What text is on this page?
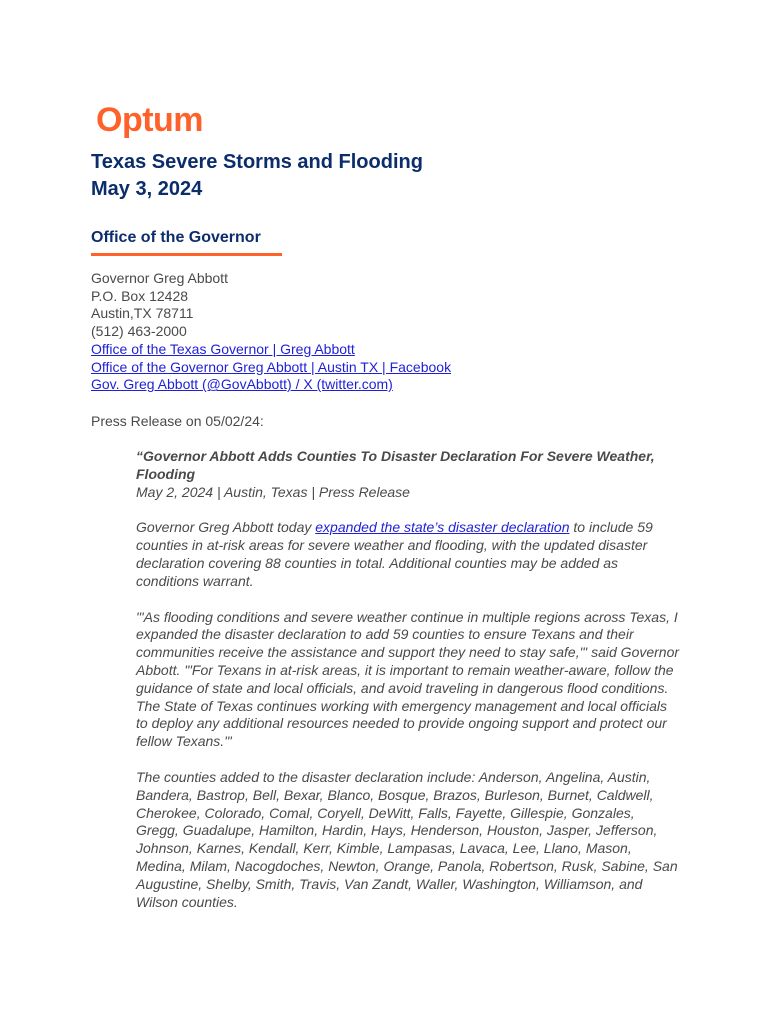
Optum
Texas Severe Storms and Flooding
May 3, 2024
Office of the Governor
Governor Greg Abbott
P.O. Box 12428
Austin,TX 78711
(512) 463-2000
Office of the Texas Governor | Greg Abbott
Office of the Governor Greg Abbott | Austin TX | Facebook
Gov. Greg Abbott (@GovAbbott) / X (twitter.com)
Press Release on 05/02/24:

“Governor Abbott Adds Counties To Disaster Declaration For Severe Weather, Flooding

May 2, 2024 | Austin, Texas | Press Release

Governor Greg Abbott today expanded the state’s disaster declaration to include 59 counties in at-risk areas for severe weather and flooding, with the updated disaster declaration covering 88 counties in total. Additional counties may be added as conditions warrant.

"'As flooding conditions and severe weather continue in multiple regions across Texas, I expanded the disaster declaration to add 59 counties to ensure Texans and their communities receive the assistance and support they need to stay safe,"' said Governor Abbott. '"For Texans in at-risk areas, it is important to remain weather-aware, follow the guidance of state and local officials, and avoid traveling in dangerous flood conditions. The State of Texas continues working with emergency management and local officials to deploy any additional resources needed to provide ongoing support and protect our fellow Texans."'

The counties added to the disaster declaration include: Anderson, Angelina, Austin, Bandera, Bastrop, Bell, Bexar, Blanco, Bosque, Brazos, Burleson, Burnet, Caldwell, Cherokee, Colorado, Comal, Coryell, DeWitt, Falls, Fayette, Gillespie, Gonzales, Gregg, Guadalupe, Hamilton, Hardin, Hays, Henderson, Houston, Jasper, Jefferson, Johnson, Karnes, Kendall, Kerr, Kimble, Lampasas, Lavaca, Lee, Llano, Mason, Medina, Milam, Nacogdoches, Newton, Orange, Panola, Robertson, Rusk, Sabine, San Augustine, Shelby, Smith, Travis, Van Zandt, Waller, Washington, Williamson, and Wilson counties.
